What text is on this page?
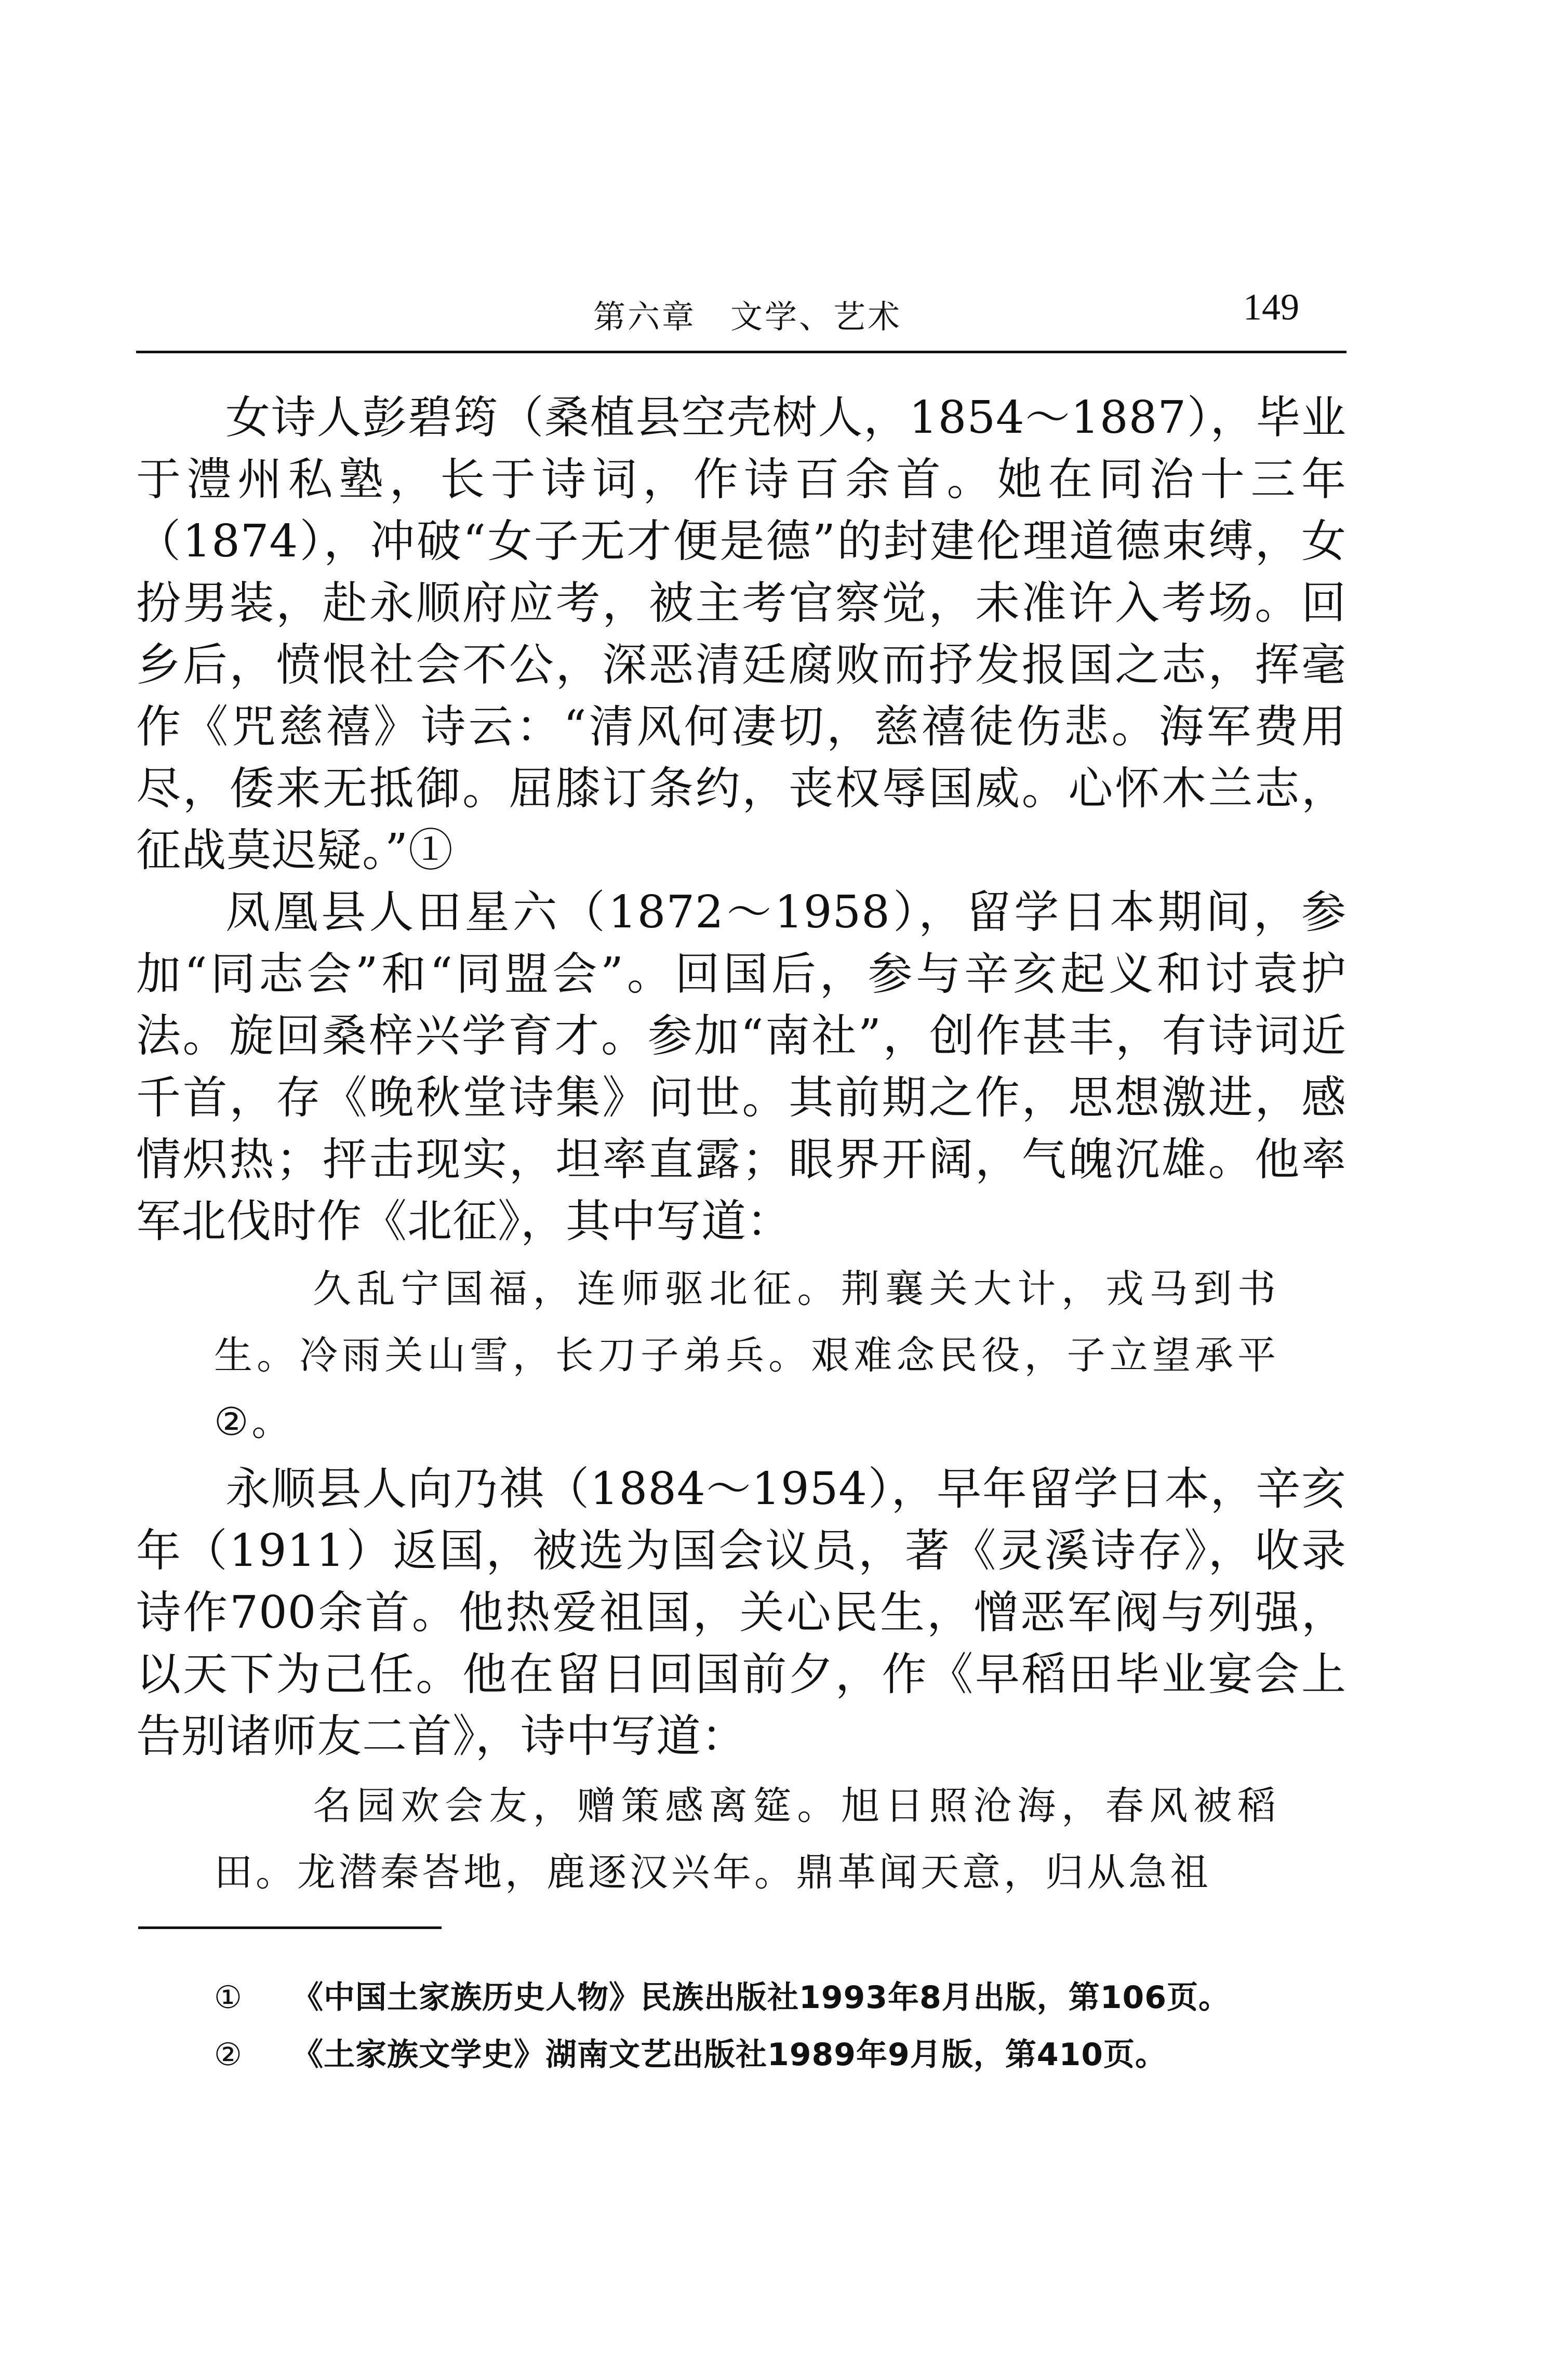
第六章　文学、艺术	149

女诗人彭碧筠（桑植县空壳树人，1854～1887），毕业于澧州私塾，长于诗词，作诗百余首。她在同治十三年（1874），冲破“女子无才便是德”的封建伦理道德束缚，女扮男装，赴永顺府应考，被主考官察觉，未准许入考场。回乡后，愤恨社会不公，深恶清廷腐败而抒发报国之志，挥毫作《咒慈禧》诗云：“清风何凄切，慈禧徒伤悲。海军费用尽，倭来无抵御。屈膝订条约，丧权辱国威。心怀木兰志，征战莫迟疑。”①

凤凰县人田星六（1872～1958），留学日本期间，参加“同志会”和“同盟会”。回国后，参与辛亥起义和讨袁护法。旋回桑梓兴学育才。参加“南社”，创作甚丰，有诗词近千首，存《晚秋堂诗集》问世。其前期之作，思想激进，感情炽热；抨击现实，坦率直露；眼界开阔，气魄沉雄。他率军北伐时作《北征》，其中写道：

久乱宁国福，连师驱北征。荆襄关大计，戎马到书生。冷雨关山雪，长刀子弟兵。艰难念民役，子立望承平②。

永顺县人向乃祺（1884～1954），早年留学日本，辛亥年（1911）返国，被选为国会议员，著《灵溪诗存》，收录诗作700余首。他热爱祖国，关心民生，憎恶军阀与列强，以天下为己任。他在留日回国前夕，作《早稻田毕业宴会上告别诸师友二首》，诗中写道：

名园欢会友，赠策感离筵。旭日照沧海，春风被稻田。龙潜秦峇地，鹿逐汉兴年。鼎革闻天意，归从急祖

①	《中国土家族历史人物》民族出版社1993年8月出版，第106页。
②	《土家族文学史》湖南文艺出版社1989年9月版，第410页。
